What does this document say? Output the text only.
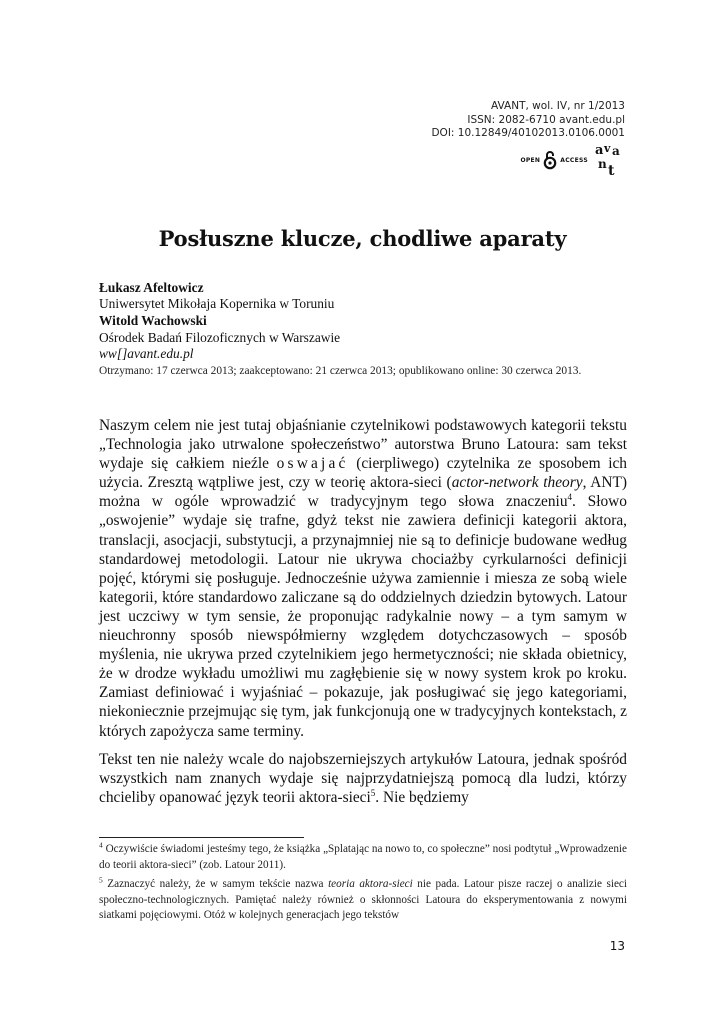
AVANT, wol. IV, nr 1/2013
ISSN: 2082-6710 avant.edu.pl
DOI: 10.12849/40102013.0106.0001
OPEN	ACCESS
a v a
n t
Posłuszne klucze, chodliwe aparaty
Łukasz Afeltowicz
Uniwersytet Mikołaja Kopernika w Toruniu
Witold Wachowski
Ośrodek Badań Filozoficznych w Warszawie
ww[]avant.edu.pl
Otrzymano: 17 czerwca 2013; zaakceptowano: 21 czerwca 2013; opublikowano online: 30 czerwca 2013.

Naszym celem nie jest tutaj objaśnianie czytelnikowi podstawowych kategorii tekstu „Technologia jako utrwalone społeczeństwo” autorstwa Bruno Latoura: sam tekst wydaje się całkiem nieźle oswajać (cierpliwego) czytelnika ze sposobem ich użycia. Zresztą wątpliwe jest, czy w teorię aktora-sieci (actor-network theory, ANT) można w ogóle wprowadzić w tradycyjnym tego słowa znaczeniu$^4$. Słowo „oswojenie” wydaje się trafne, gdyż tekst nie zawiera definicji kategorii aktora, translacji, asocjacji, substytucji, a przynajmniej nie są to definicje budowane według standardowej metodologii. Latour nie ukrywa chociażby cyrkularności definicji pojęć, którymi się posługuje. Jednocześnie używa zamiennie i miesza ze sobą wiele kategorii, które standardowo zaliczane są do oddzielnych dziedzin bytowych. Latour jest uczciwy w tym sensie, że proponując radykalnie nowy – a tym samym w nieuchronny sposób niewspółmierny względem dotychczasowych – sposób myślenia, nie ukrywa przed czytelnikiem jego hermetyczności; nie składa obietnicy, że w drodze wykładu umożliwi mu zagłębienie się w nowy system krok po kroku. Zamiast definiować i wyjaśniać – pokazuje, jak posługiwać się jego kategoriami, niekoniecznie przejmując się tym, jak funkcjonują one w tradycyjnych kontekstach, z których zapożycza same terminy.

Tekst ten nie należy wcale do najobszerniejszych artykułów Latoura, jednak spośród wszystkich nam znanych wydaje się najprzydatniejszą pomocą dla ludzi, którzy chcieliby opanować język teorii aktora-sieci$^5$. Nie będziemy

$^4$ Oczywiście świadomi jesteśmy tego, że książka „Splatając na nowo to, co społeczne” nosi podtytuł „Wprowadzenie do teorii aktora-sieci” (zob. Latour 2011).

$^5$ Zaznaczyć należy, że w samym tekście nazwa teoria aktora-sieci nie pada. Latour pisze raczej o analizie sieci społeczno-technologicznych. Pamiętać należy również o skłonności Latoura do eksperymentowania z nowymi siatkami pojęciowymi. Otóż w kolejnych generacjach jego tekstów

13
